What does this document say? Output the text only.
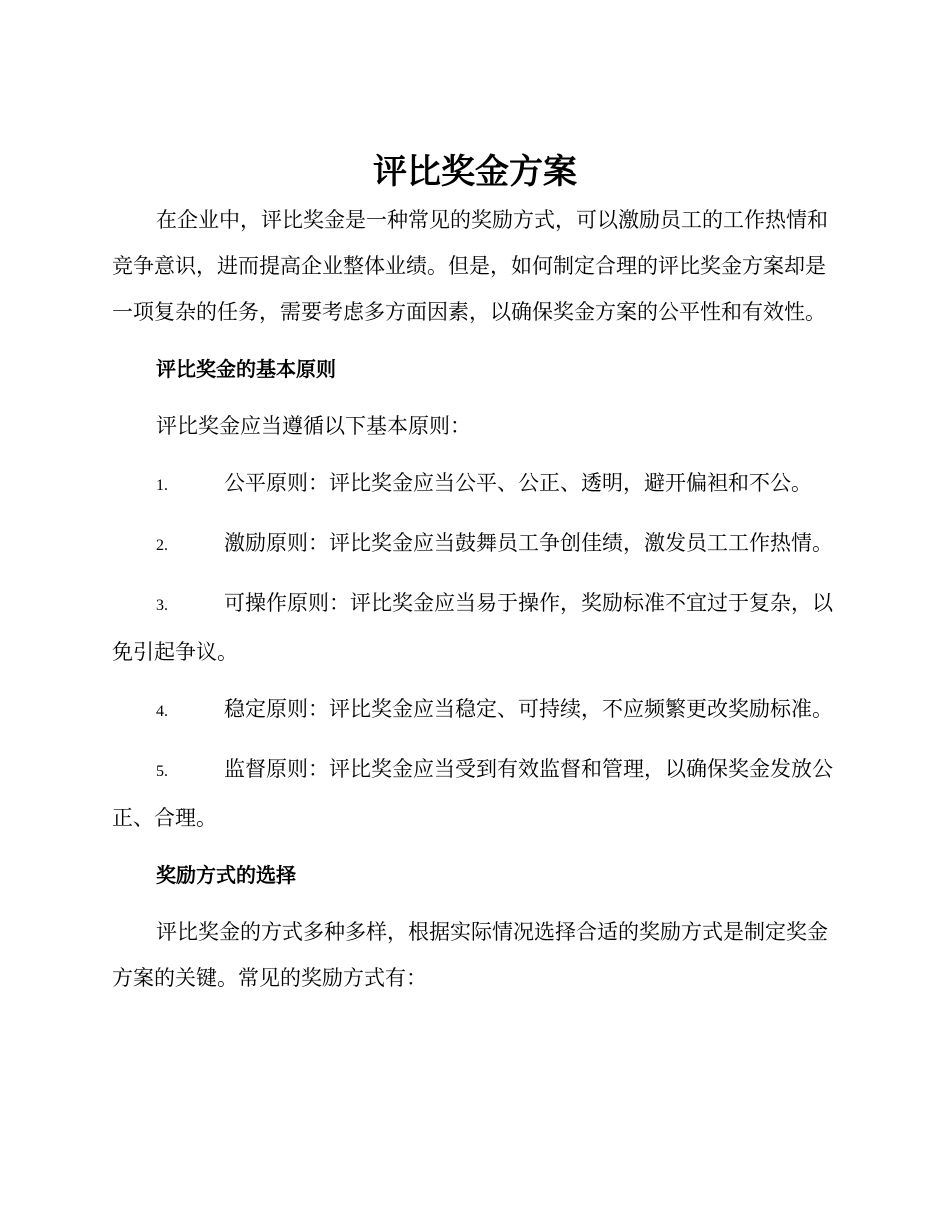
评比奖金方案

在企业中，评比奖金是一种常见的奖励方式，可以激励员工的工作热情和竞争意识，进而提高企业整体业绩。但是，如何制定合理的评比奖金方案却是一项复杂的任务，需要考虑多方面因素，以确保奖金方案的公平性和有效性。

评比奖金的基本原则

评比奖金应当遵循以下基本原则：

1.	公平原则：评比奖金应当公平、公正、透明，避开偏袒和不公。

2.	激励原则：评比奖金应当鼓舞员工争创佳绩，激发员工工作热情。

3.	可操作原则：评比奖金应当易于操作，奖励标准不宜过于复杂，以免引起争议。

4.	稳定原则：评比奖金应当稳定、可持续，不应频繁更改奖励标准。

5.	监督原则：评比奖金应当受到有效监督和管理，以确保奖金发放公正、合理。

奖励方式的选择

评比奖金的方式多种多样，根据实际情况选择合适的奖励方式是制定奖金方案的关键。常见的奖励方式有：
